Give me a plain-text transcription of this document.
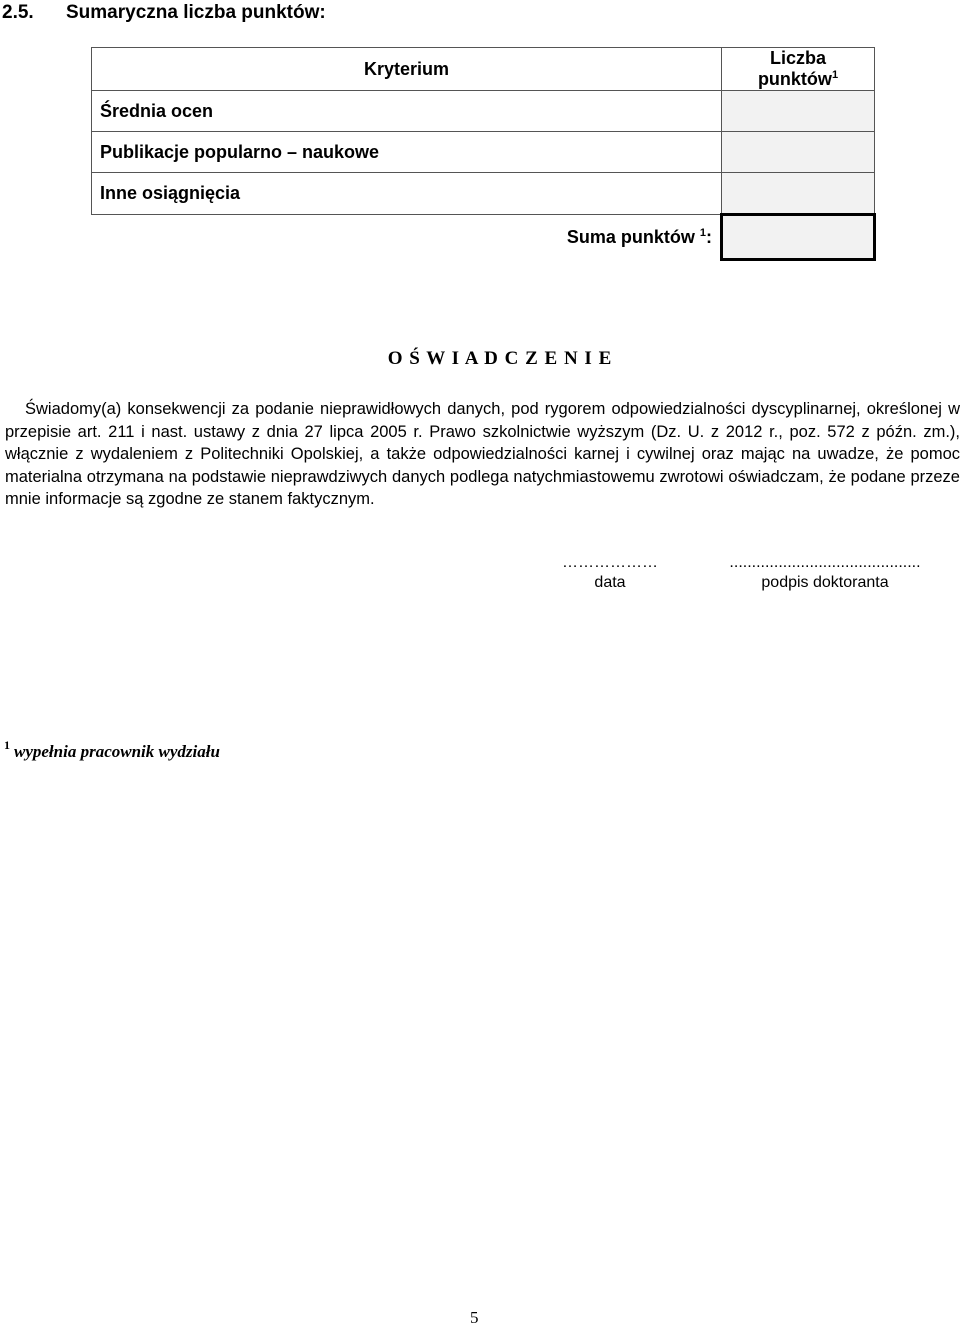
2.5. Sumaryczna liczba punktów:
Kryterium	Liczba punktów$^1$
Średnia ocen	
Publikacje popularno – naukowe	
Inne osiągnięcia	
Suma punktów $^1$:	
O Ś W I A D C Z E N I E
Świadomy(a) konsekwencji za podanie nieprawidłowych danych, pod rygorem odpowiedzialności dyscyplinarnej, określonej w przepisie art. 211 i nast. ustawy z dnia 27 lipca 2005 r. Prawo szkolnictwie wyższym (Dz. U. z 2012 r., poz. 572 z późn. zm.), włącznie z wydaleniem z Politechniki Opolskiej, a także odpowiedzialności karnej i cywilnej oraz mając na uwadze, że pomoc materialna otrzymana na podstawie nieprawdziwych danych podlega natychmiastowemu zwrotowi oświadczam, że podane przeze mnie informacje są zgodne ze stanem faktycznym.
………………
data
...........................................
podpis doktoranta
$^1$ wypełnia pracownik wydziału
5
